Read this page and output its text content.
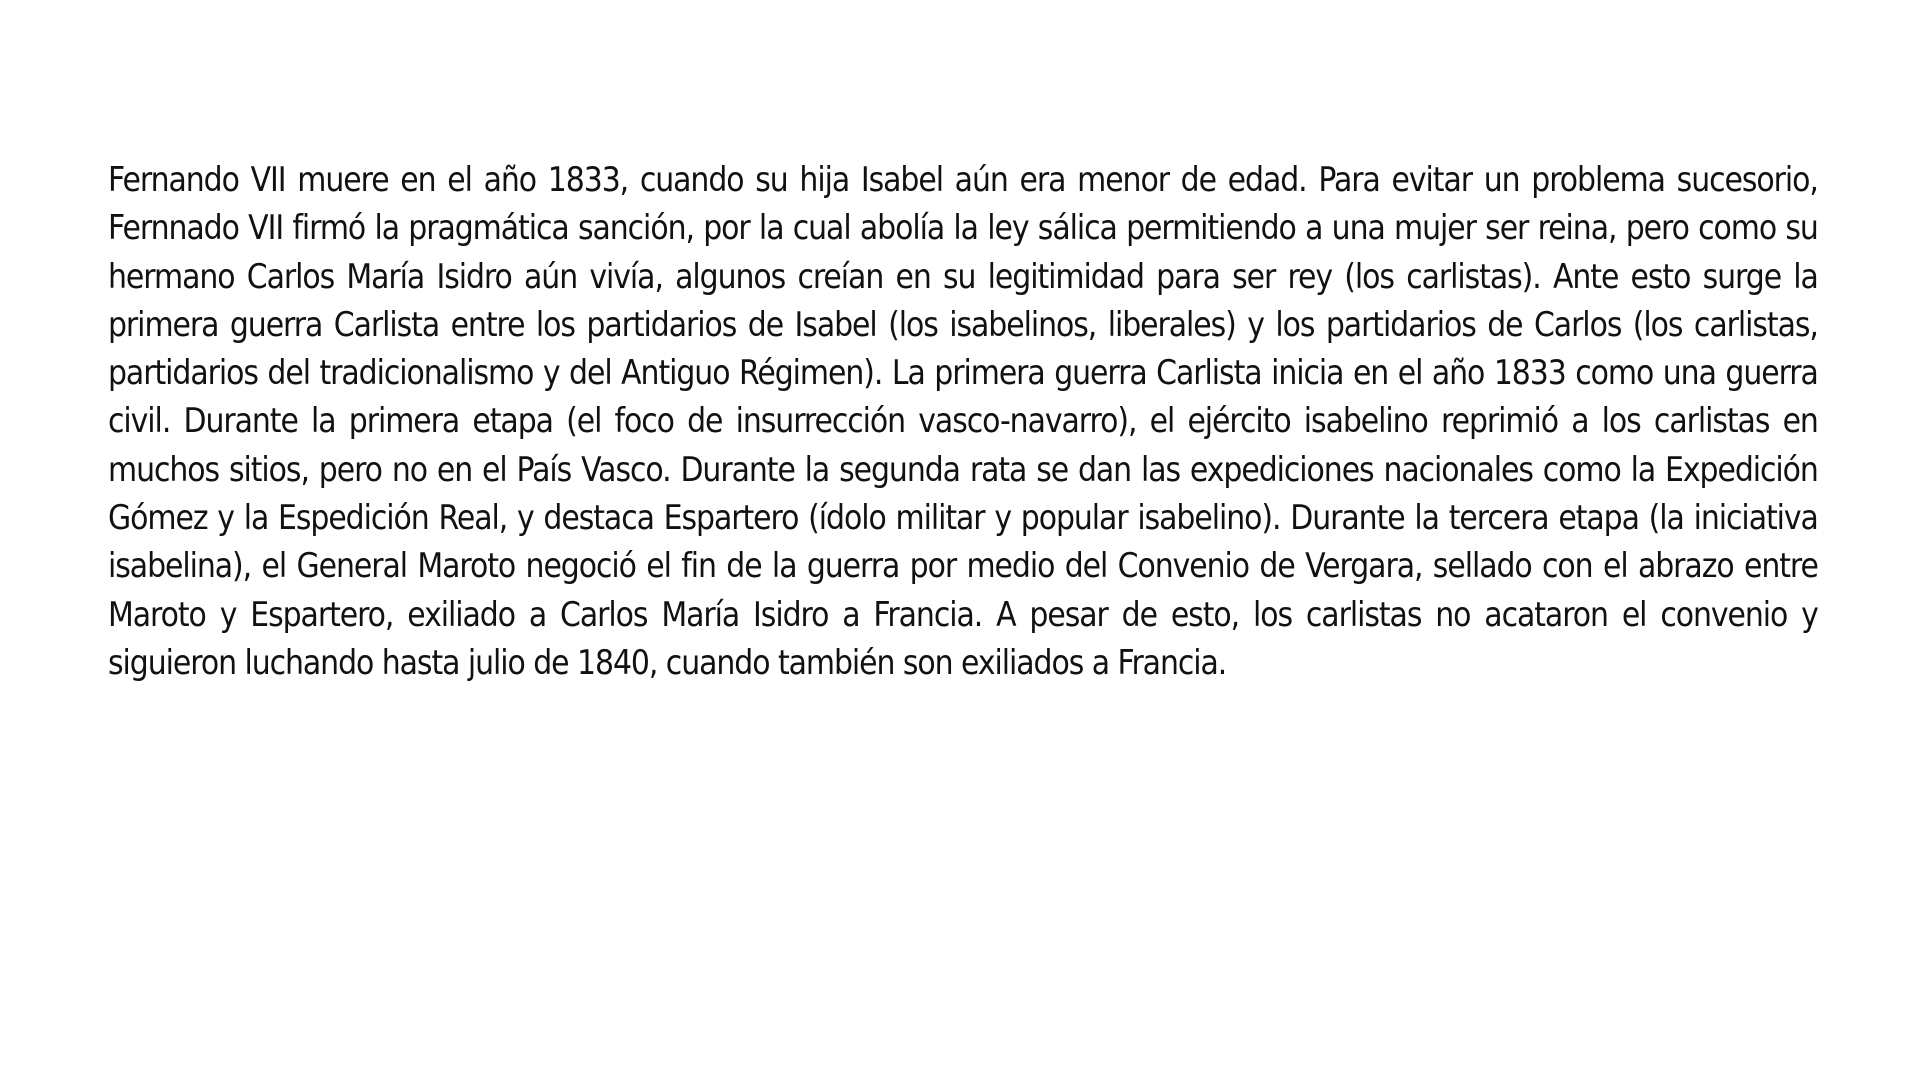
Fernando VII muere en el año 1833, cuando su hija Isabel aún era menor de edad. Para evitar un problema sucesorio, Fernnado VII firmó la pragmática sanción, por la cual abolía la ley sálica permitiendo a una mujer ser reina, pero como su hermano Carlos María Isidro aún vivía, algunos creían en su legitimidad para ser rey (los carlistas). Ante esto surge la primera guerra Carlista entre los partidarios de Isabel (los isabelinos, liberales) y los partidarios de Carlos (los carlistas, partidarios del tradicionalismo y del Antiguo Régimen). La primera guerra Carlista inicia en el año 1833 como una guerra civil. Durante la primera etapa (el foco de insurrección vasco-navarro), el ejército isabelino reprimió a los carlistas en muchos sitios, pero no en el País Vasco. Durante la segunda rata se dan las expediciones nacionales como la Expedición Gómez y la Espedición Real, y destaca Espartero (ídolo militar y popular isabelino). Durante la tercera etapa (la iniciativa isabelina), el General Maroto negoció el fin de la guerra por medio del Convenio de Vergara, sellado con el abrazo entre Maroto y Espartero, exiliado a Carlos María Isidro a Francia. A pesar de esto, los carlistas no acataron el convenio y siguieron luchando hasta julio de 1840, cuando también son exiliados a Francia.
